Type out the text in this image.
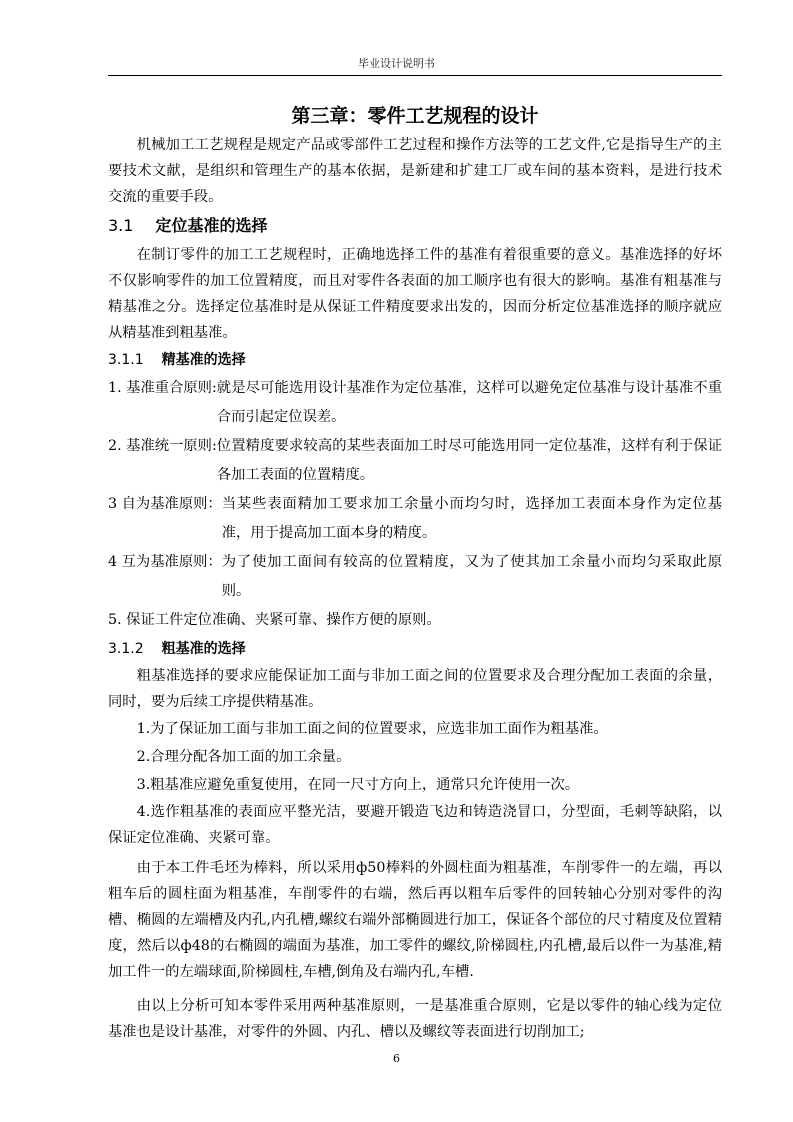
毕业设计说明书

第三章：零件工艺规程的设计

机械加工工艺规程是规定产品或零部件工艺过程和操作方法等的工艺文件,它是指导生产的主要技术文献，是组织和管理生产的基本依据，是新建和扩建工厂或车间的基本资料，是进行技术交流的重要手段。

3.1 定位基准的选择

在制订零件的加工工艺规程时，正确地选择工件的基准有着很重要的意义。基准选择的好坏不仅影响零件的加工位置精度，而且对零件各表面的加工顺序也有很大的影响。基准有粗基准与精基准之分。选择定位基准时是从保证工件精度要求出发的，因而分析定位基准选择的顺序就应从精基准到粗基准。

3.1.1 精基准的选择

1. 基准重合原则: 就是尽可能选用设计基准作为定位基准，这样可以避免定位基准与设计基准不重合而引起定位误差。
2. 基准统一原则: 位置精度要求较高的某些表面加工时尽可能选用同一定位基准，这样有利于保证各加工表面的位置精度。
3 自为基准原则： 当某些表面精加工要求加工余量小而均匀时，选择加工表面本身作为定位基准，用于提高加工面本身的精度。
4 互为基准原则： 为了使加工面间有较高的位置精度，又为了使其加工余量小而均匀采取此原则。

5. 保证工件定位准确、夹紧可靠、操作方便的原则。

3.1.2 粗基准的选择

粗基准选择的要求应能保证加工面与非加工面之间的位置要求及合理分配加工表面的余量，同时，要为后续工序提供精基准。

1.为了保证加工面与非加工面之间的位置要求，应选非加工面作为粗基准。

2.合理分配各加工面的加工余量。

3.粗基准应避免重复使用，在同一尺寸方向上，通常只允许使用一次。

4.选作粗基准的表面应平整光洁，要避开锻造飞边和铸造浇冒口，分型面，毛刺等缺陷，以保证定位准确、夹紧可靠。

由于本工件毛坯为棒料，所以采用ф50棒料的外圆柱面为粗基准，车削零件一的左端，再以粗车后的圆柱面为粗基准，车削零件的右端，然后再以粗车后零件的回转轴心分别对零件的沟槽、椭圆的左端槽及内孔,内孔槽,螺纹右端外部椭圆进行加工，保证各个部位的尺寸精度及位置精度，然后以ф48的右椭圆的端面为基准，加工零件的螺纹,阶梯圆柱,内孔槽,最后以件一为基准,精加工件一的左端球面,阶梯圆柱,车槽,倒角及右端内孔,车槽.

由以上分析可知本零件采用两种基准原则，一是基准重合原则，它是以零件的轴心线为定位基准也是设计基准，对零件的外圆、内孔、槽以及螺纹等表面进行切削加工;

6
